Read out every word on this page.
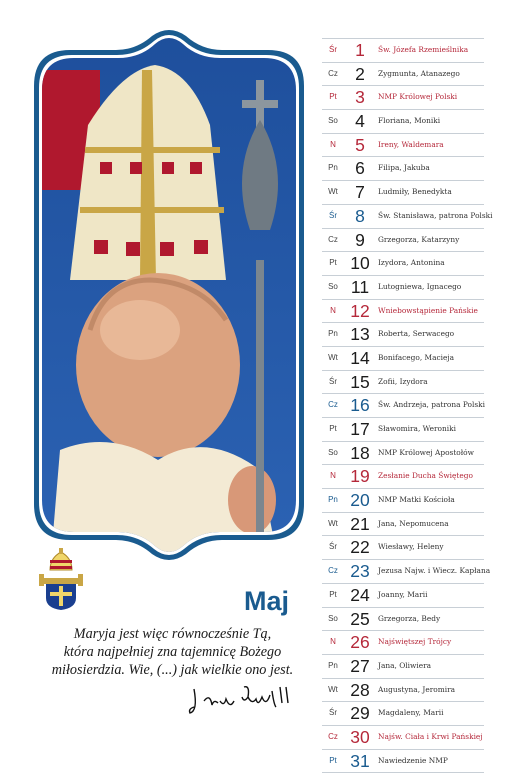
Maj
Maryja jest więc równocześnie Tą,
która najpełniej zna tajemnicę Bożego
miłosierdzia. Wie, (...) jak wielkie ono jest.
Śr	1	Św. Józefa Rzemieślnika
Cz 2	Zygmunta, Atanazego
Pt	3	NMP Królowej Polski
So 4	Floriana, Moniki
N	5	Ireny, Waldemara
Pn 6	Filipa, Jakuba
Wt 7	Ludmiły, Benedykta
Śr	8	Św. Stanisława, patrona Polski
Cz 9	Grzegorza, Katarzyny
Pt 10	Izydora, Antonina
So 11	Lutogniewa, Ignacego
N 12	Wniebowstąpienie Pańskie
Pn 13	Roberta, Serwacego
Wt 14	Bonifacego, Macieja
Śr 15	Zofii, Izydora
Cz 16	Św. Andrzeja, patrona Polski
Pt 17	Sławomira, Weroniki
So 18	NMP Królowej Apostołów
N 19	Zesłanie Ducha Świętego
Pn 20	NMP Matki Kościoła
Wt 21	Jana, Nepomucena
Śr 22	Wiesławy, Heleny
Cz 23	Jezusa Najw. i Wiecz. Kapłana
Pt 24	Joanny, Marii
So 25	Grzegorza, Bedy
N 26	Najświętszej Trójcy
Pn 27	Jana, Oliwiera
Wt 28	Augustyna, Jeromira
Śr 29	Magdaleny, Marii
Cz 30	Najśw. Ciała i Krwi Pańskiej
Pt 31	Nawiedzenie NMP
